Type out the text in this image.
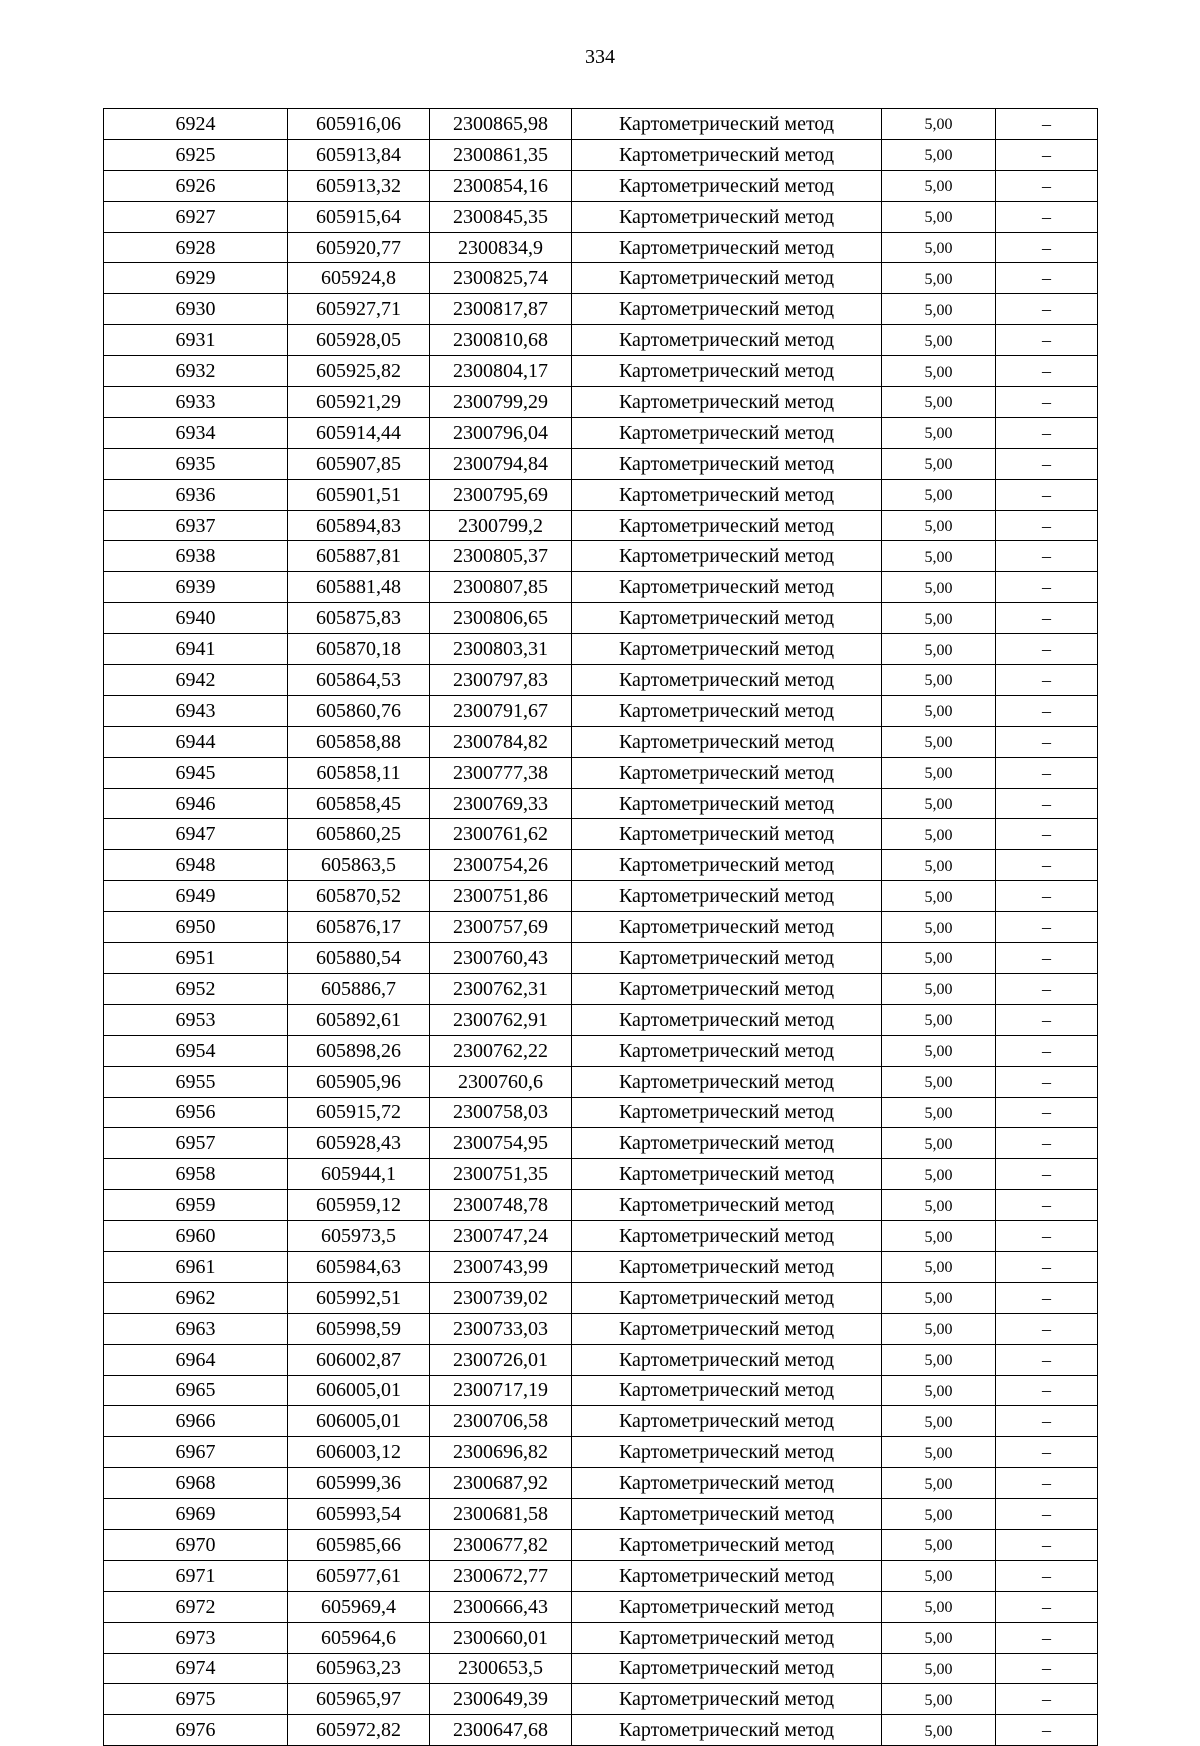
334
6924	605916,06	2300865,98	Картометрический метод	5,00	–
6925	605913,84	2300861,35	Картометрический метод	5,00	–
6926	605913,32	2300854,16	Картометрический метод	5,00	–
6927	605915,64	2300845,35	Картометрический метод	5,00	–
6928	605920,77	2300834,9	Картометрический метод	5,00	–
6929	605924,8	2300825,74	Картометрический метод	5,00	–
6930	605927,71	2300817,87	Картометрический метод	5,00	–
6931	605928,05	2300810,68	Картометрический метод	5,00	–
6932	605925,82	2300804,17	Картометрический метод	5,00	–
6933	605921,29	2300799,29	Картометрический метод	5,00	–
6934	605914,44	2300796,04	Картометрический метод	5,00	–
6935	605907,85	2300794,84	Картометрический метод	5,00	–
6936	605901,51	2300795,69	Картометрический метод	5,00	–
6937	605894,83	2300799,2	Картометрический метод	5,00	–
6938	605887,81	2300805,37	Картометрический метод	5,00	–
6939	605881,48	2300807,85	Картометрический метод	5,00	–
6940	605875,83	2300806,65	Картометрический метод	5,00	–
6941	605870,18	2300803,31	Картометрический метод	5,00	–
6942	605864,53	2300797,83	Картометрический метод	5,00	–
6943	605860,76	2300791,67	Картометрический метод	5,00	–
6944	605858,88	2300784,82	Картометрический метод	5,00	–
6945	605858,11	2300777,38	Картометрический метод	5,00	–
6946	605858,45	2300769,33	Картометрический метод	5,00	–
6947	605860,25	2300761,62	Картометрический метод	5,00	–
6948	605863,5	2300754,26	Картометрический метод	5,00	–
6949	605870,52	2300751,86	Картометрический метод	5,00	–
6950	605876,17	2300757,69	Картометрический метод	5,00	–
6951	605880,54	2300760,43	Картометрический метод	5,00	–
6952	605886,7	2300762,31	Картометрический метод	5,00	–
6953	605892,61	2300762,91	Картометрический метод	5,00	–
6954	605898,26	2300762,22	Картометрический метод	5,00	–
6955	605905,96	2300760,6	Картометрический метод	5,00	–
6956	605915,72	2300758,03	Картометрический метод	5,00	–
6957	605928,43	2300754,95	Картометрический метод	5,00	–
6958	605944,1	2300751,35	Картометрический метод	5,00	–
6959	605959,12	2300748,78	Картометрический метод	5,00	–
6960	605973,5	2300747,24	Картометрический метод	5,00	–
6961	605984,63	2300743,99	Картометрический метод	5,00	–
6962	605992,51	2300739,02	Картометрический метод	5,00	–
6963	605998,59	2300733,03	Картометрический метод	5,00	–
6964	606002,87	2300726,01	Картометрический метод	5,00	–
6965	606005,01	2300717,19	Картометрический метод	5,00	–
6966	606005,01	2300706,58	Картометрический метод	5,00	–
6967	606003,12	2300696,82	Картометрический метод	5,00	–
6968	605999,36	2300687,92	Картометрический метод	5,00	–
6969	605993,54	2300681,58	Картометрический метод	5,00	–
6970	605985,66	2300677,82	Картометрический метод	5,00	–
6971	605977,61	2300672,77	Картометрический метод	5,00	–
6972	605969,4	2300666,43	Картометрический метод	5,00	–
6973	605964,6	2300660,01	Картометрический метод	5,00	–
6974	605963,23	2300653,5	Картометрический метод	5,00	–
6975	605965,97	2300649,39	Картометрический метод	5,00	–
6976	605972,82	2300647,68	Картометрический метод	5,00	–
